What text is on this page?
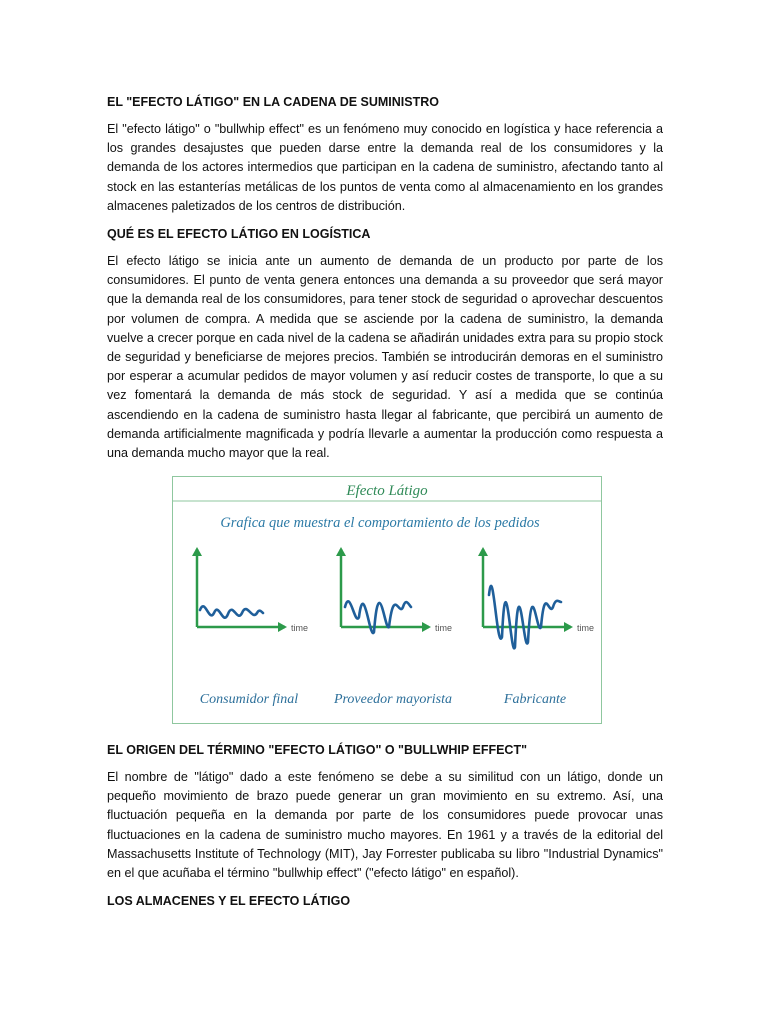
EL "EFECTO LÁTIGO" EN LA CADENA DE SUMINISTRO

El "efecto látigo" o "bullwhip effect" es un fenómeno muy conocido en logística y hace referencia a los grandes desajustes que pueden darse entre la demanda real de los consumidores y la demanda de los actores intermedios que participan en la cadena de suministro, afectando tanto al stock en las estanterías metálicas de los puntos de venta como al almacenamiento en los grandes almacenes paletizados de los centros de distribución.

QUÉ ES EL EFECTO LÁTIGO EN LOGÍSTICA

El efecto látigo se inicia ante un aumento de demanda de un producto por parte de los consumidores. El punto de venta genera entonces una demanda a su proveedor que será mayor que la demanda real de los consumidores, para tener stock de seguridad o aprovechar descuentos por volumen de compra. A medida que se asciende por la cadena de suministro, la demanda vuelve a crecer porque en cada nivel de la cadena se añadirán unidades extra para su propio stock de seguridad y beneficiarse de mejores precios. También se introducirán demoras en el suministro por esperar a acumular pedidos de mayor volumen y así reducir costes de transporte, lo que a su vez fomentará la demanda de más stock de seguridad. Y así a medida que se continúa ascendiendo en la cadena de suministro hasta llegar al fabricante, que percibirá un aumento de demanda artificialmente magnificada y podría llevarle a aumentar la producción como respuesta a una demanda mucho mayor que la real.

Efecto Látigo
Grafica que muestra el comportamiento de los pedidos
time
Consumidor final
time
Proveedor mayorista
time
Fabricante
EL ORIGEN DEL TÉRMINO "EFECTO LÁTIGO" O "BULLWHIP EFFECT"

El nombre de "látigo" dado a este fenómeno se debe a su similitud con un látigo, donde un pequeño movimiento de brazo puede generar un gran movimiento en su extremo. Así, una fluctuación pequeña en la demanda por parte de los consumidores puede provocar unas fluctuaciones en la cadena de suministro mucho mayores. En 1961 y a través de la editorial del Massachusetts Institute of Technology (MIT), Jay Forrester publicaba su libro "Industrial Dynamics" en el que acuñaba el término "bullwhip effect" ("efecto látigo" en español).

LOS ALMACENES Y EL EFECTO LÁTIGO
